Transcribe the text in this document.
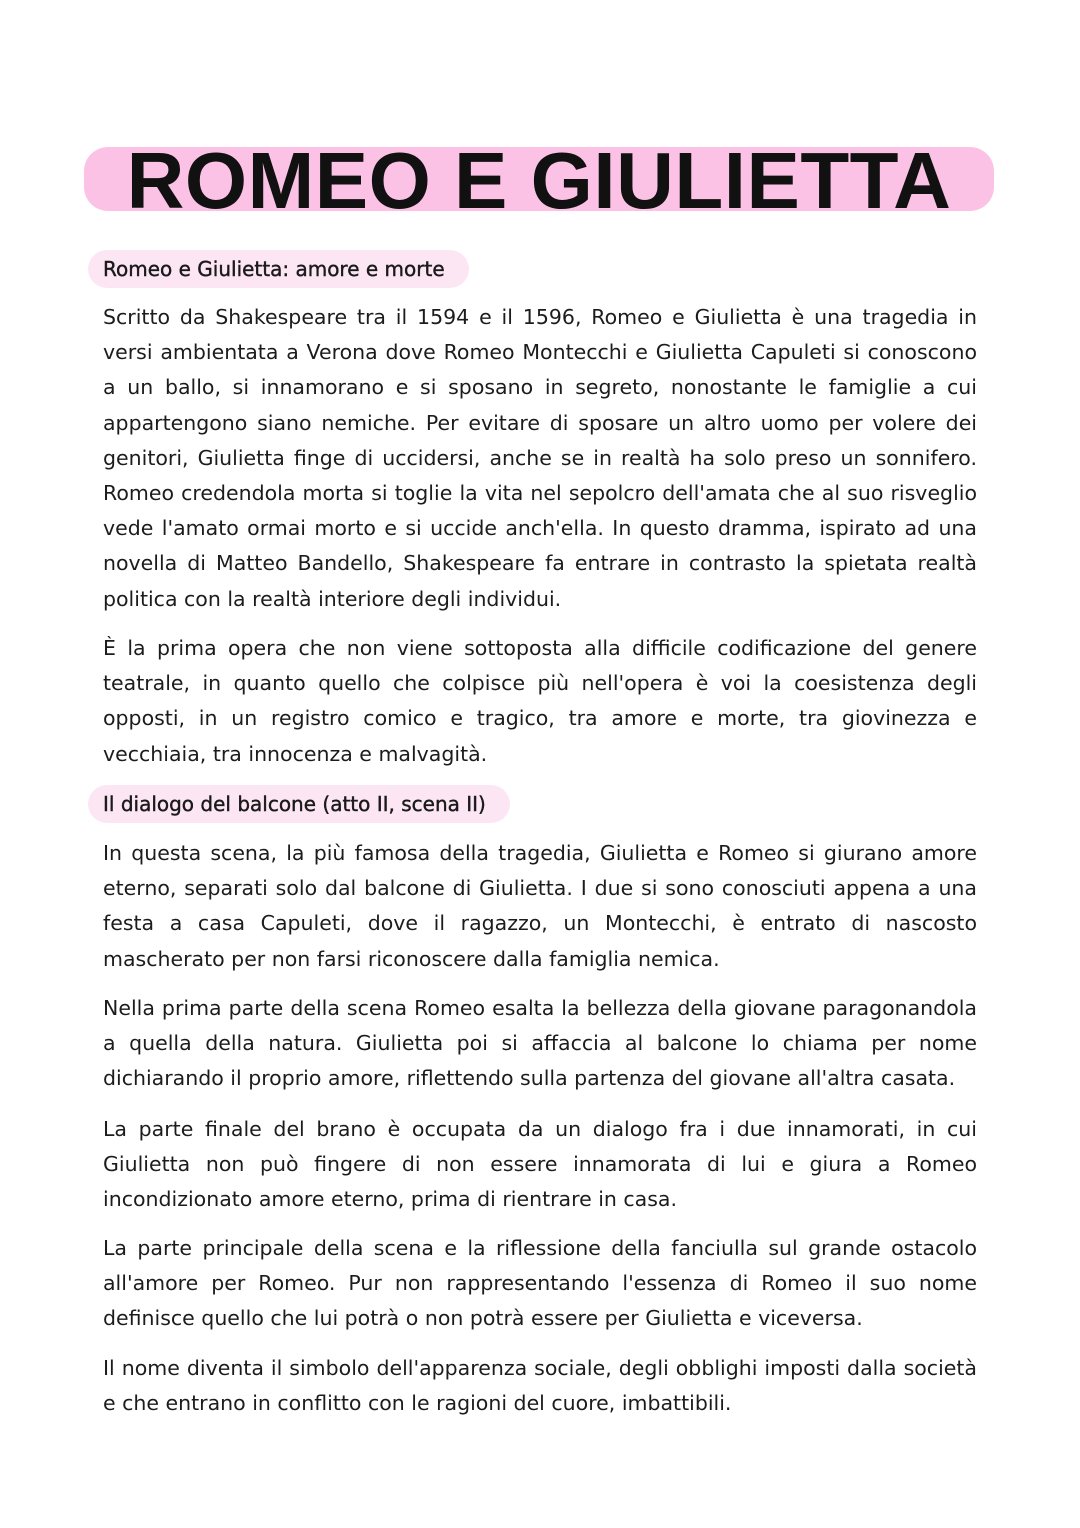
ROMEO E GIULIETTA
Romeo e Giulietta: amore e morte

Scritto da Shakespeare tra il 1594 e il 1596, Romeo e Giulietta è una tragedia in versi ambientata a Verona dove Romeo Montecchi e Giulietta Capuleti si conoscono a un ballo, si innamorano e si sposano in segreto, nonostante le famiglie a cui appartengono siano nemiche. Per evitare di sposare un altro uomo per volere dei genitori, Giulietta finge di uccidersi, anche se in realtà ha solo preso un sonnifero. Romeo credendola morta si toglie la vita nel sepolcro dell'amata che al suo risveglio vede l'amato ormai morto e si uccide anch'ella. In questo dramma, ispirato ad una novella di Matteo Bandello, Shakespeare fa entrare in contrasto la spietata realtà politica con la realtà interiore degli individui.

È la prima opera che non viene sottoposta alla difficile codificazione del genere teatrale, in quanto quello che colpisce più nell'opera è voi la coesistenza degli opposti, in un registro comico e tragico, tra amore e morte, tra giovinezza e vecchiaia, tra innocenza e malvagità.

Il dialogo del balcone (atto II, scena II)

In questa scena, la più famosa della tragedia, Giulietta e Romeo si giurano amore eterno, separati solo dal balcone di Giulietta. I due si sono conosciuti appena a una festa a casa Capuleti, dove il ragazzo, un Montecchi, è entrato di nascosto mascherato per non farsi riconoscere dalla famiglia nemica.

Nella prima parte della scena Romeo esalta la bellezza della giovane paragonandola a quella della natura. Giulietta poi si affaccia al balcone lo chiama per nome dichiarando il proprio amore, riflettendo sulla partenza del giovane all'altra casata.

La parte finale del brano è occupata da un dialogo fra i due innamorati, in cui Giulietta non può fingere di non essere innamorata di lui e giura a Romeo incondizionato amore eterno, prima di rientrare in casa.

La parte principale della scena e la riflessione della fanciulla sul grande ostacolo all'amore per Romeo. Pur non rappresentando l'essenza di Romeo il suo nome definisce quello che lui potrà o non potrà essere per Giulietta e viceversa.

Il nome diventa il simbolo dell'apparenza sociale, degli obblighi imposti dalla società e che entrano in conflitto con le ragioni del cuore, imbattibili.
